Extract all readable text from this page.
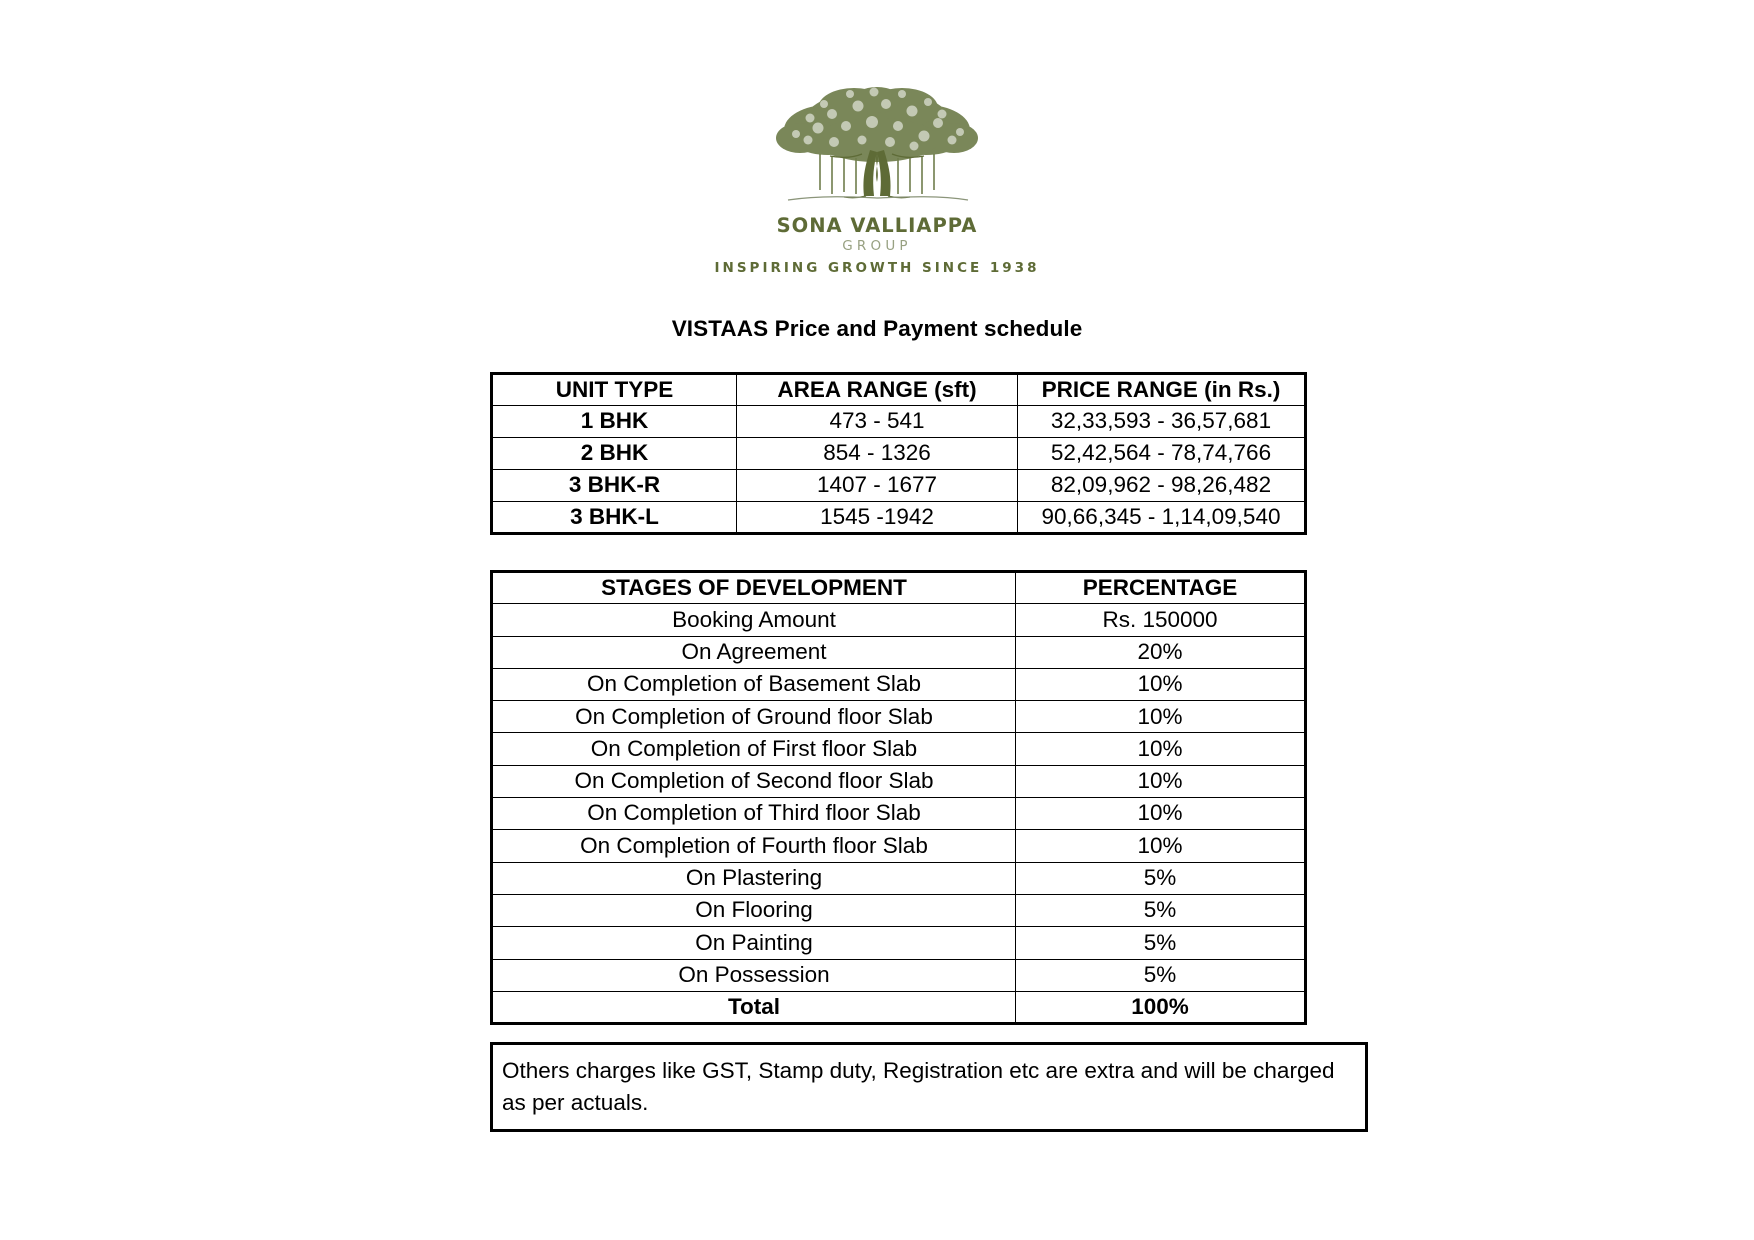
SONA VALLIAPPA
GROUP
INSPIRING GROWTH SINCE 1938
VISTAAS Price and Payment schedule
UNIT TYPE	AREA RANGE (sft)	PRICE RANGE (in Rs.)
1 BHK	473 - 541	32,33,593 - 36,57,681
2 BHK	854 - 1326	52,42,564 - 78,74,766
3 BHK-R	1407 - 1677	82,09,962 - 98,26,482
3 BHK-L	1545 -1942	90,66,345 - 1,14,09,540
STAGES OF DEVELOPMENT	PERCENTAGE
Booking Amount	Rs. 150000
On Agreement	20%
On Completion of Basement Slab	10%
On Completion of Ground floor Slab	10%
On Completion of First floor Slab	10%
On Completion of Second floor Slab	10%
On Completion of Third floor Slab	10%
On Completion of Fourth floor Slab	10%
On Plastering	5%
On Flooring	5%
On Painting	5%
On Possession	5%
Total	100%
Others charges like GST, Stamp duty, Registration etc are extra and will be charged as per actuals.
